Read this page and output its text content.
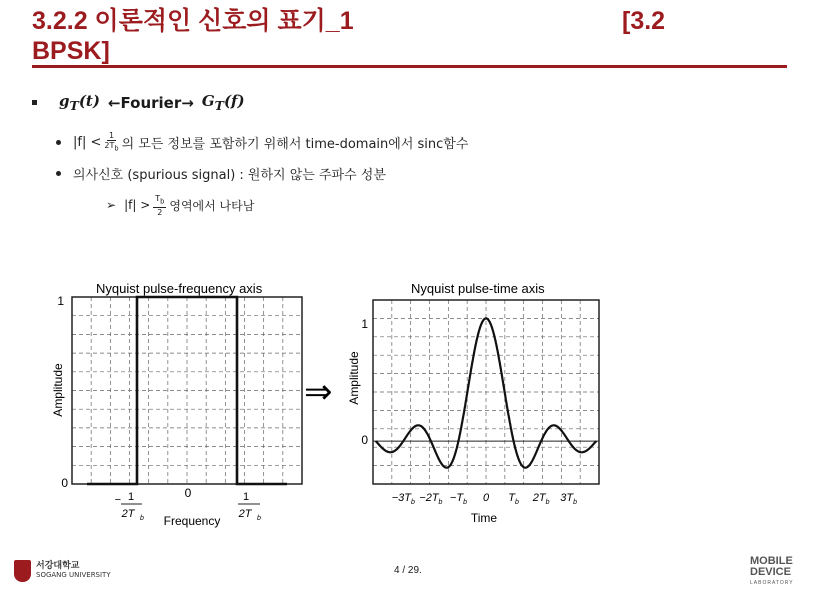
3.2.2 이론적인 신호의 표기_1
BPSK]
[3.2
$g_T(t)$ ←Fourier→ $G_T(f)$
$|f| < \frac{1}{2T_b}$ 의 모든 정보를 포함하기 위해서 time-domain에서 sinc함수
의사신호 (spurious signal) : 원하지 않는 주파수 성분
➢ $|f| > \frac{T_b}{2}$ 영역에서 나타남
Nyquist pulse-frequency axis
1
0
Amplitude
0
− 1
2T b
1
2T b
Frequency
⇒
Nyquist pulse-time axis
1
0
Amplitude
$-3T_b -2T_b -T_b$ 0 $T_b$ $2T_b$ $3T_b$
Time
서강대학교
SOGANG UNIVERSITY	4 / 29.
MOBILE
DEVICE
LABORATORY
